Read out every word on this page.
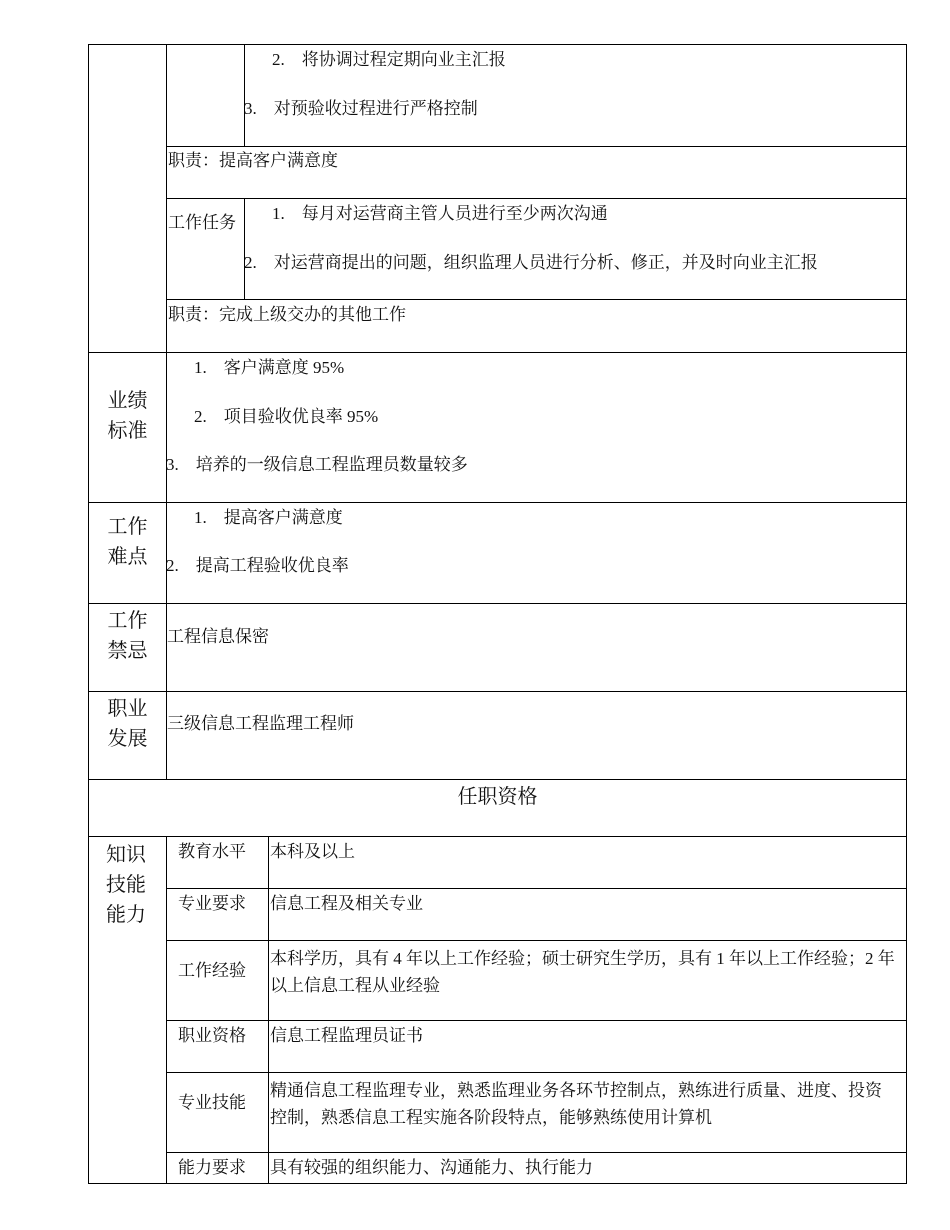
2.　将协调过程定期向业主汇报
3.　对预验收过程进行严格控制
职责：提高客户满意度
工作任务 1.　每月对运营商主管人员进行至少两次沟通
2.　对运营商提出的问题，组织监理人员进行分析、修正，并及时向业主汇报
职责：完成上级交办的其他工作
业绩标准
1.　客户满意度 95%
2.　项目验收优良率 95%
3.　培养的一级信息工程监理员数量较多
工作难点
1.　提高客户满意度
2.　提高工程验收优良率
工作禁忌
工程信息保密
职业发展
三级信息工程监理工程师
任职资格
知识技能能力
教育水平 本科及以上
专业要求 信息工程及相关专业
工作经验
本科学历，具有 4 年以上工作经验；硕士研究生学历，具有 1 年以上工作经验；2 年以上信息工程从业经验
职业资格 信息工程监理员证书
专业技能
精通信息工程监理专业，熟悉监理业务各环节控制点，熟练进行质量、进度、投资控制，熟悉信息工程实施各阶段特点，能够熟练使用计算机
能力要求 具有较强的组织能力、沟通能力、执行能力
